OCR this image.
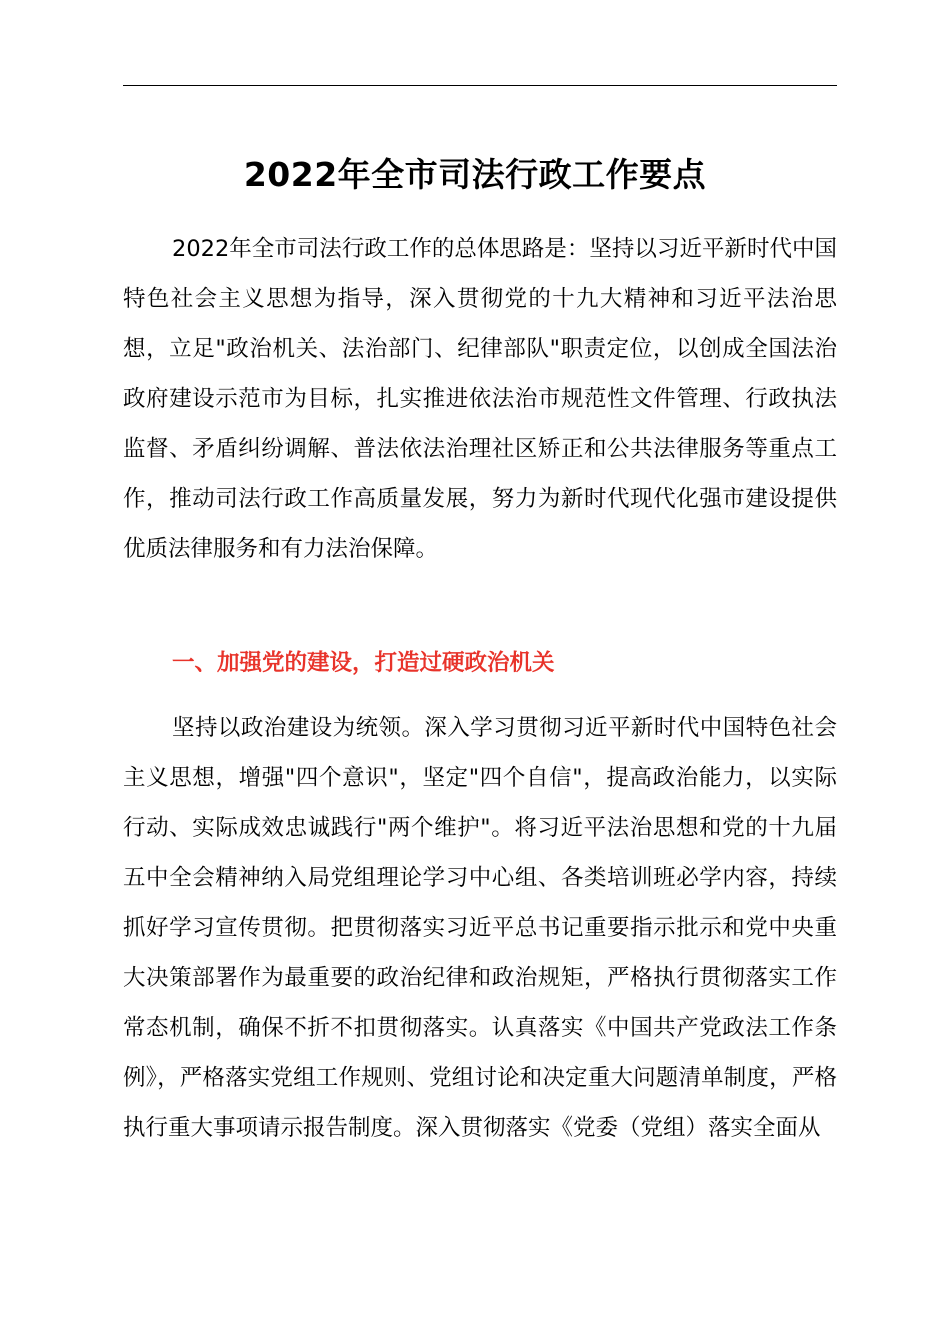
2022年全市司法行政工作要点

2022年全市司法行政工作的总体思路是：坚持以习近平新时代中国特色社会主义思想为指导，深入贯彻党的十九大精神和习近平法治思想，立足"政治机关、法治部门、纪律部队"职责定位，以创成全国法治政府建设示范市为目标，扎实推进依法治市规范性文件管理、行政执法监督、矛盾纠纷调解、普法依法治理社区矫正和公共法律服务等重点工作，推动司法行政工作高质量发展，努力为新时代现代化强市建设提供优质法律服务和有力法治保障。

一、加强党的建设，打造过硬政治机关

坚持以政治建设为统领。深入学习贯彻习近平新时代中国特色社会主义思想，增强"四个意识"，坚定"四个自信"，提高政治能力，以实际行动、实际成效忠诚践行"两个维护"。将习近平法治思想和党的十九届五中全会精神纳入局党组理论学习中心组、各类培训班必学内容，持续抓好学习宣传贯彻。把贯彻落实习近平总书记重要指示批示和党中央重大决策部署作为最重要的政治纪律和政治规矩，严格执行贯彻落实工作常态机制，确保不折不扣贯彻落实。认真落实《中国共产党政法工作条例》，严格落实党组工作规则、党组讨论和决定重大问题清单制度，严格执行重大事项请示报告制度。深入贯彻落实《党委（党组）落实全面从
